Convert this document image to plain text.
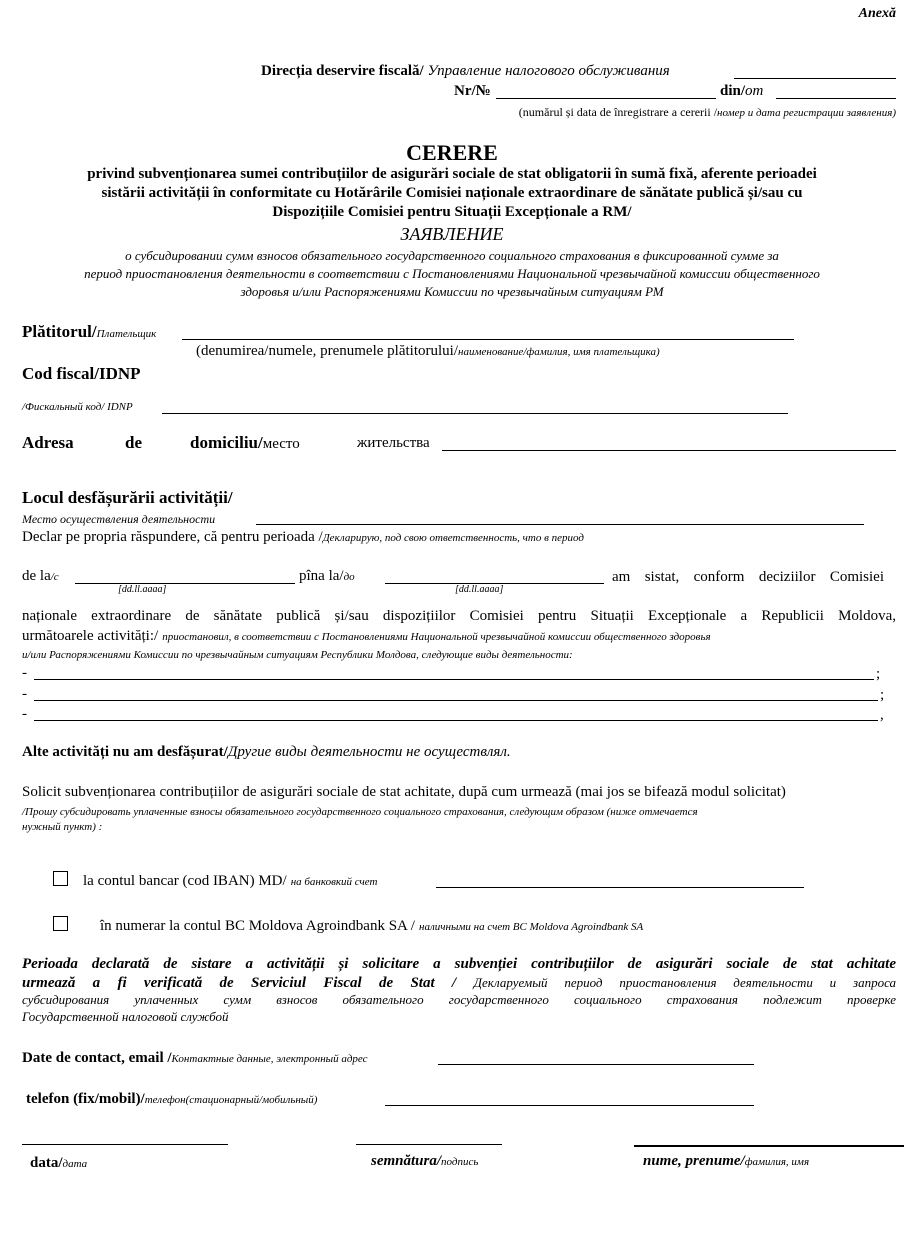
Anexă
Direcția deservire fiscală/ Управление налогового обслуживания
Nr/№	din/от
(numărul și data de înregistrare a cererii /номер и дата регистрации заявления)
CERERE
privind subvenționarea sumei contribuțiilor de asigurări sociale de stat obligatorii în sumă fixă, aferente perioadei
sistării activității în conformitate cu Hotărârile Comisiei naționale extraordinare de sănătate publică și/sau cu
Dispozițiile Comisiei pentru Situații Excepționale a RM/
ЗАЯВЛЕНИЕ
о субсидировании сумм взносов обязательного государственного социального страхования в фиксированной сумме за
период приостановления деятельности в соответствии с Постановлениями Национальной чрезвычайной комиссии общественного
здоровья и/или Распоряжениями Комиссии по чрезвычайным ситуациям РМ
Plătitorul/Плательщик
(denumirea/numele, prenumele plătitorului/наименование/фамилия, имя плательщика)
Cod fiscal/IDNP
/Фискальный код/ IDNP
Adresa	de	domiciliu/место	жительства
Locul desfășurării activității/
Место осуществления деятельности
Declar pe propria răspundere, că pentru perioada /Декларирую, под свою ответственность, что в период
de la/с
[dd.ll.aaaa]
pîna la/до
[dd.ll.aaaa]
am sistat, conform deciziilor Comisiei
naționale extraordinare de sănătate publică și/sau dispozițiilor Comisiei pentru Situații Excepționale a Republicii Moldova,
următoarele activități:/ приостановил, в соответствии с Постановлениями Национальной чрезвычайной комиссии общественного здоровья
и/или Распоряжениями Комиссии по чрезвычайным ситуациям Республики Молдова, следующие виды деятельности:
-	;
-	;
-	,
Alte activități nu am desfășurat/Другие виды деятельности не осуществлял.
Solicit subvenționarea contribuțiilor de asigurări sociale de stat achitate, după cum urmează (mai jos se bifează modul solicitat)
/Прошу субсидировать уплаченные взносы обязательного государственного социального страхования, следующим образом (ниже отмечается
нужный пункт) :
la contul bancar (cod IBAN) MD/ на банковкий счет
în numerar la contul BC Moldova Agroindbank SA / наличными на счет BC Moldova Agroindbank SA
Perioada declarată de sistare a activității și solicitare a subvenției contribuțiilor de asigurări sociale de stat achitate
urmează a fi verificată de Serviciul Fiscal de Stat / Декларуемый период приостановления деятельности и запроса
субсидирования уплаченных сумм взносов обязательного государственного социального страхования подлежит проверке
Государственной налоговой службой
Date de contact, email /Контактные данные, электронный адрес
telefon (fix/mobil)/телефон(стационарный/мобильный)
data/дата	semnătura/подпись	nume, prenume/фамилия, имя
